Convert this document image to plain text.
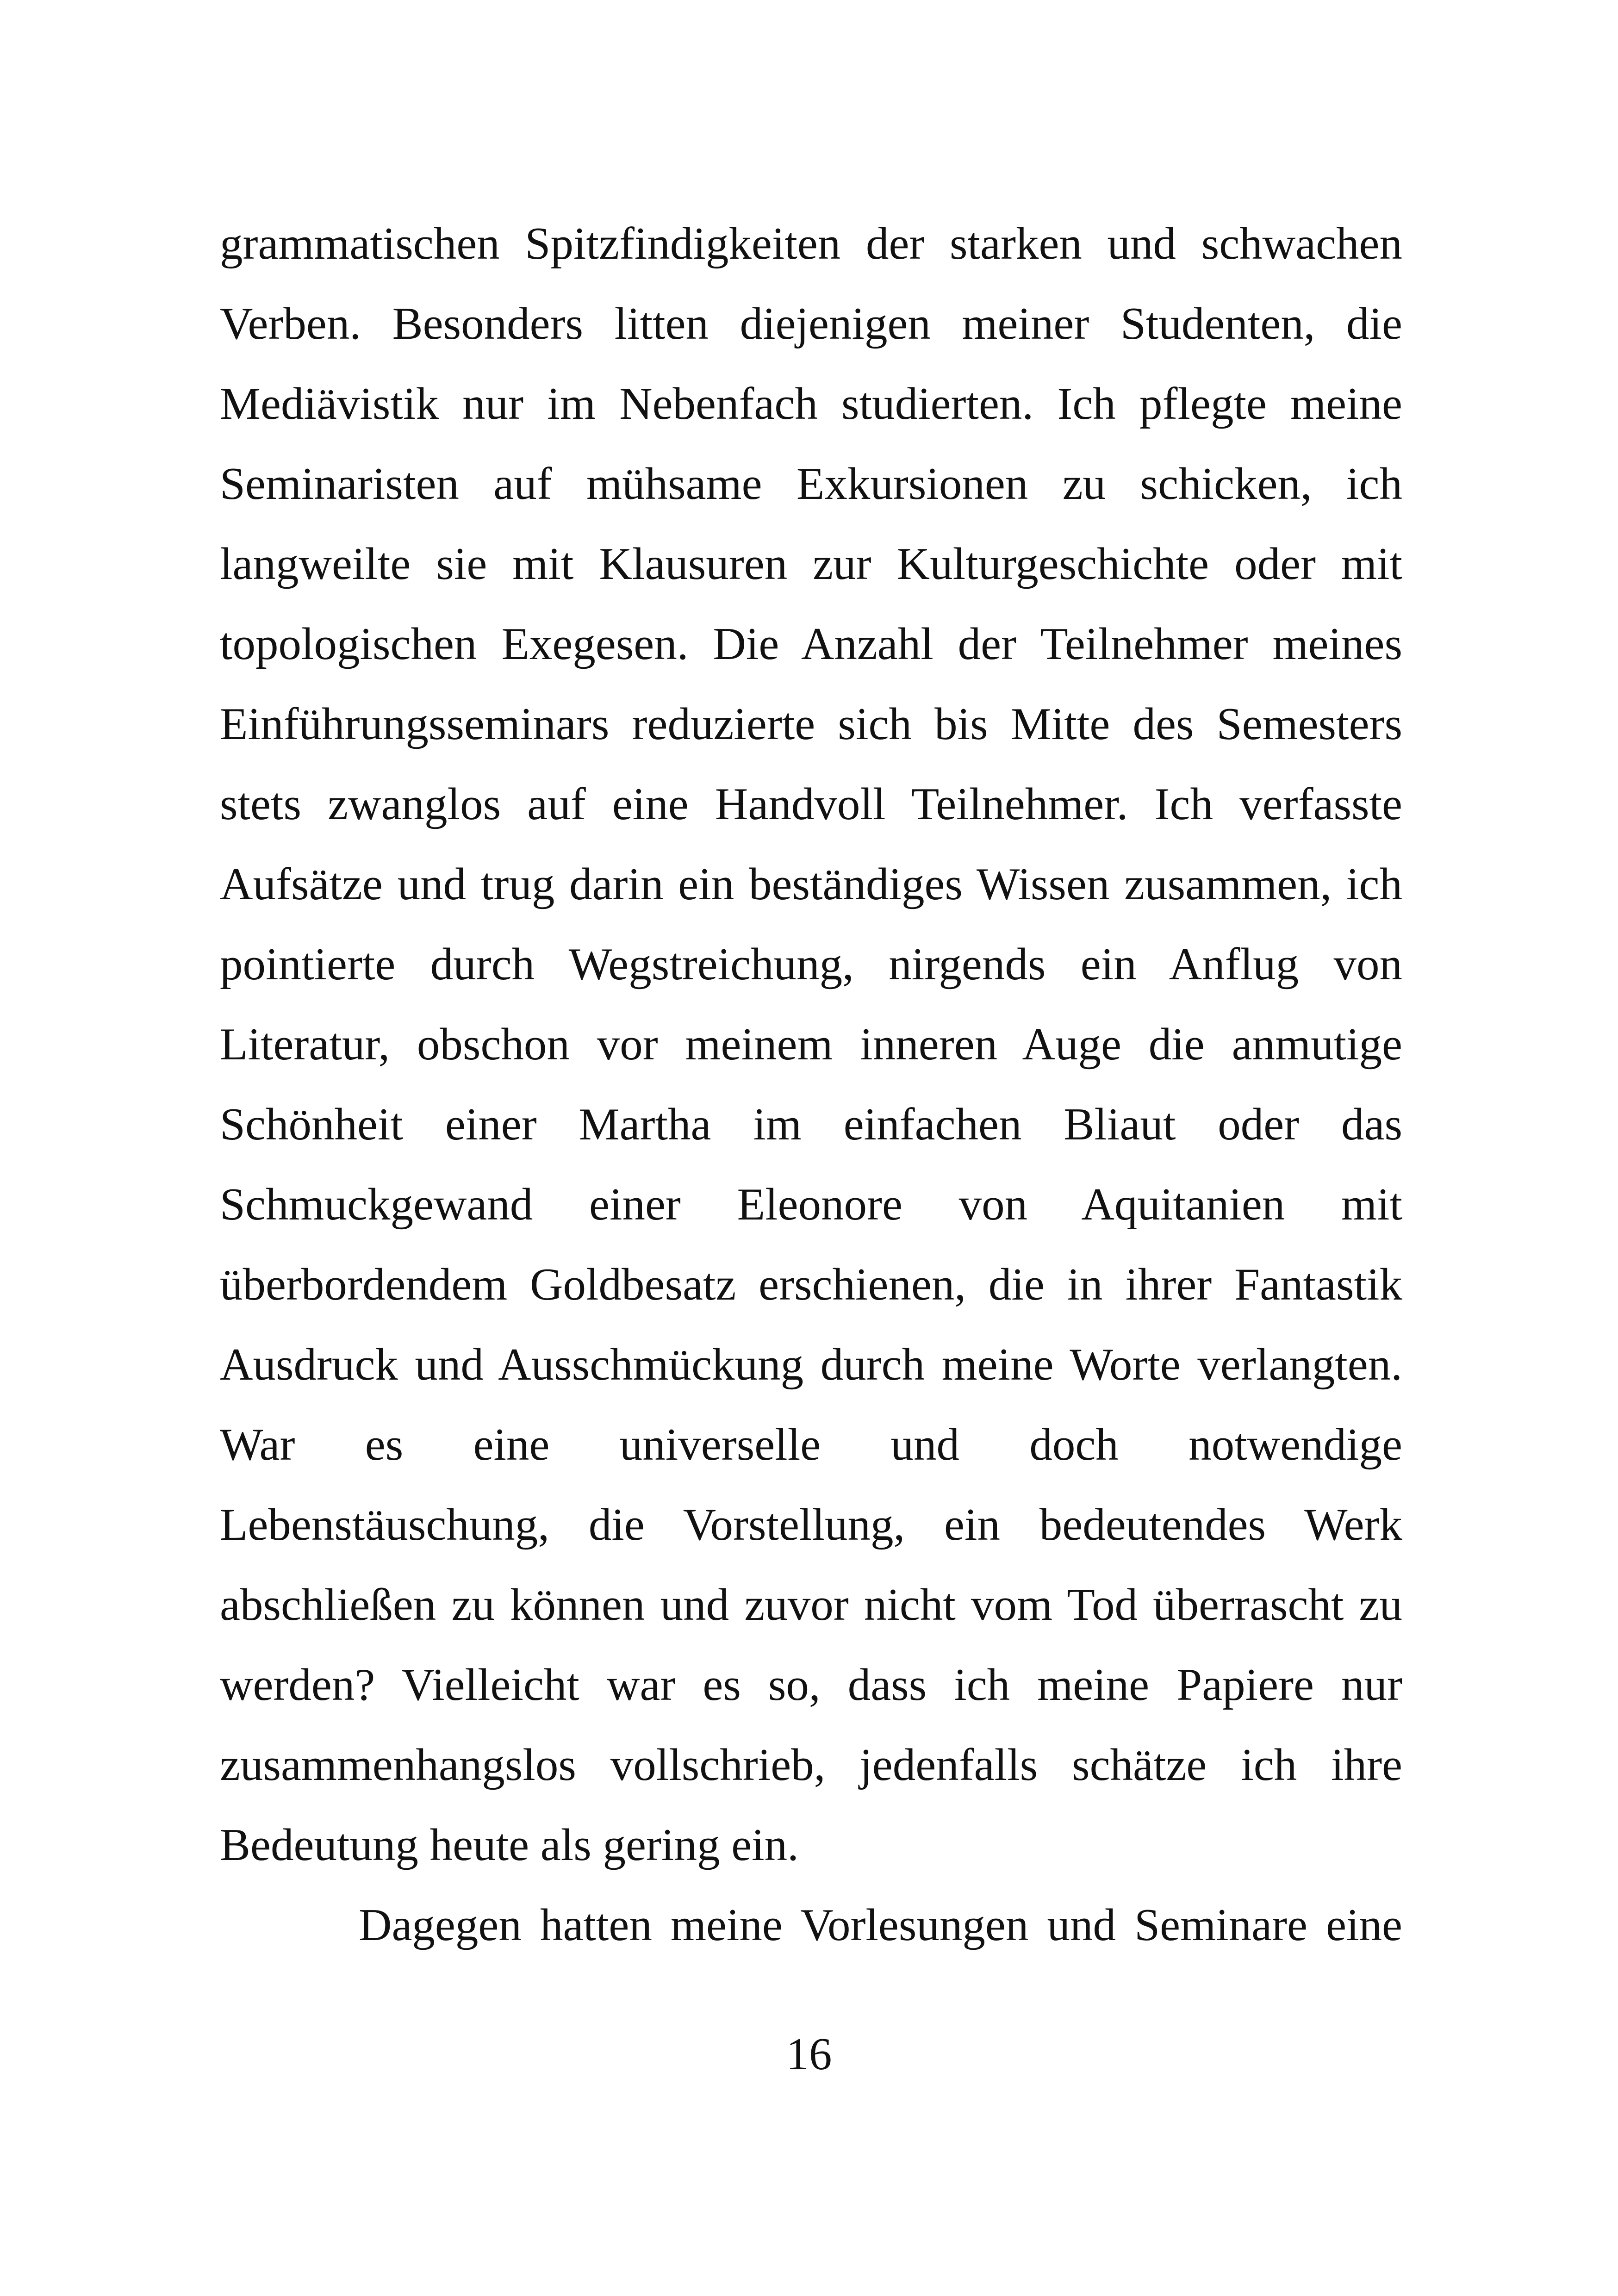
grammatischen Spitzfindigkeiten der starken und schwachen
Verben. Besonders litten diejenigen meiner Studenten, die
Mediävistik nur im Nebenfach studierten. Ich pflegte meine
Seminaristen auf mühsame Exkursionen zu schicken, ich
langweilte sie mit Klausuren zur Kulturgeschichte oder mit
topologischen Exegesen. Die Anzahl der Teilnehmer meines
Einführungsseminars reduzierte sich bis Mitte des Semesters
stets zwanglos auf eine Handvoll Teilnehmer. Ich verfasste
Aufsätze und trug darin ein beständiges Wissen zusammen, ich
pointierte durch Wegstreichung, nirgends ein Anflug von
Literatur, obschon vor meinem inneren Auge die anmutige
Schönheit einer Martha im einfachen Bliaut oder das
Schmuckgewand einer Eleonore von Aquitanien mit
überbordendem Goldbesatz erschienen, die in ihrer Fantastik
Ausdruck und Ausschmückung durch meine Worte verlangten.
War es eine universelle und doch notwendige
Lebenstäuschung, die Vorstellung, ein bedeutendes Werk
abschließen zu können und zuvor nicht vom Tod überrascht zu
werden? Vielleicht war es so, dass ich meine Papiere nur
zusammenhangslos vollschrieb, jedenfalls schätze ich ihre
Bedeutung heute als gering ein.
Dagegen hatten meine Vorlesungen und Seminare eine
16
